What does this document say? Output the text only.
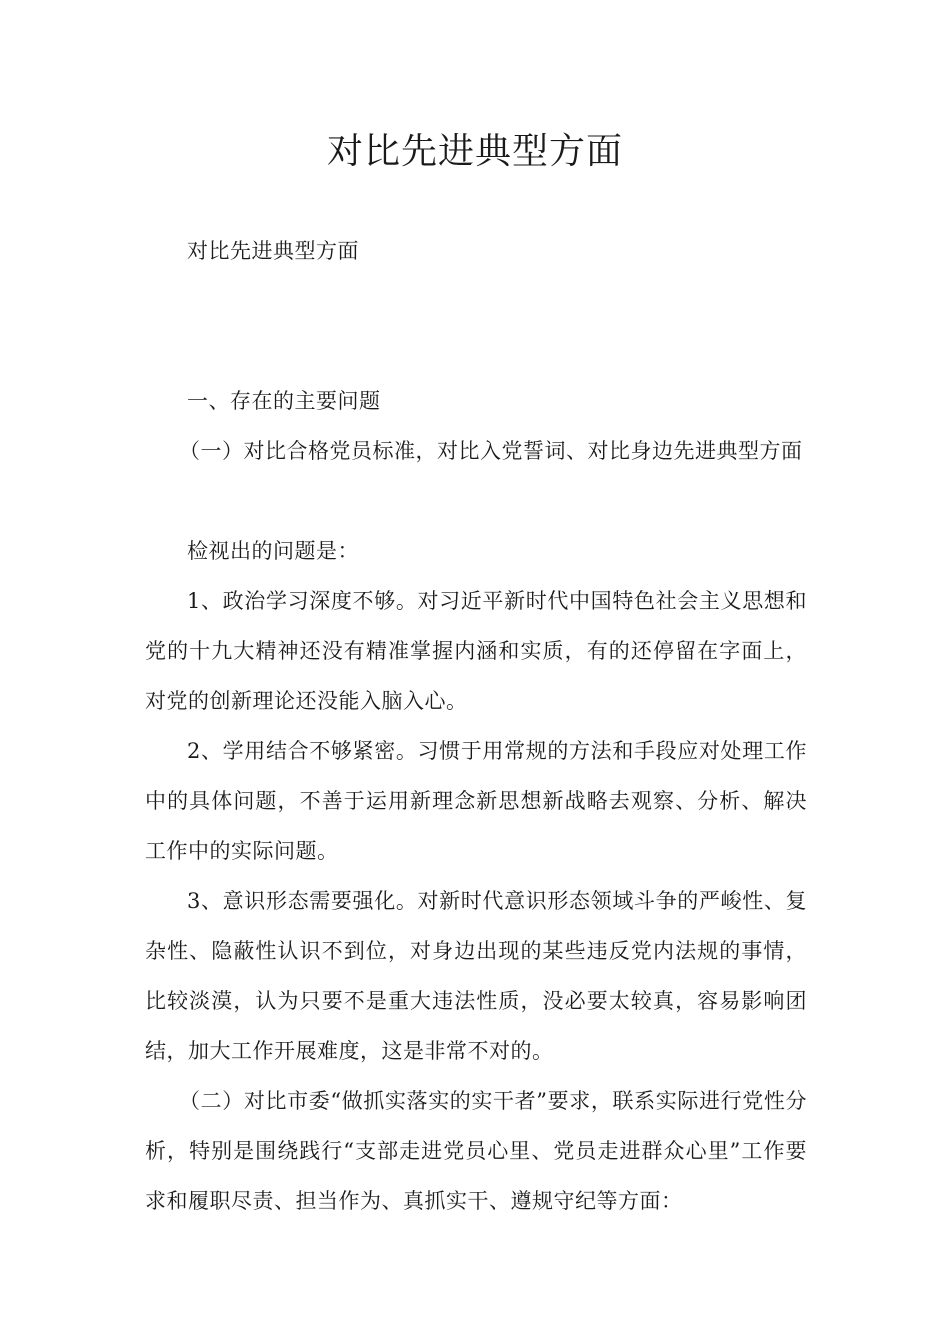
对比先进典型方面

对比先进典型方面

一、存在的主要问题

（一）对比合格党员标准，对比入党誓词、对比身边先进典型方面

检视出的问题是：

1、政治学习深度不够。对习近平新时代中国特色社会主义思想和党的十九大精神还没有精准掌握内涵和实质，有的还停留在字面上，对党的创新理论还没能入脑入心。

2、学用结合不够紧密。习惯于用常规的方法和手段应对处理工作中的具体问题，不善于运用新理念新思想新战略去观察、分析、解决工作中的实际问题。

3、意识形态需要强化。对新时代意识形态领域斗争的严峻性、复杂性、隐蔽性认识不到位，对身边出现的某些违反党内法规的事情，比较淡漠，认为只要不是重大违法性质，没必要太较真，容易影响团结，加大工作开展难度，这是非常不对的。

（二）对比市委“做抓实落实的实干者”要求，联系实际进行党性分析，特别是围绕践行“支部走进党员心里、党员走进群众心里”工作要求和履职尽责、担当作为、真抓实干、遵规守纪等方面：
